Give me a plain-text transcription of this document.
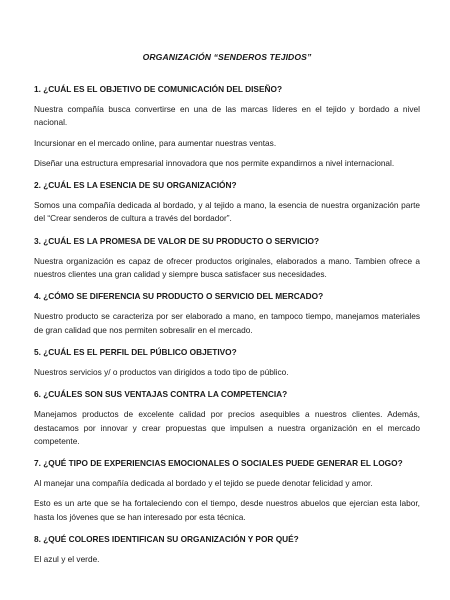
ORGANIZACIÓN “SENDEROS TEJIDOS”
1. ¿CUÁL ES EL OBJETIVO DE COMUNICACIÓN DEL DISEÑO?
Nuestra compañía busca convertirse en una de las marcas líderes en el tejido y bordado a nivel nacional.
Incursionar en el mercado online, para aumentar nuestras ventas.
Diseñar una estructura empresarial innovadora que nos permite expandirnos a nivel internacional.
2. ¿CUÁL ES LA ESENCIA DE SU ORGANIZACIÓN?
Somos una compañía dedicada al bordado, y al tejido a mano, la esencia de nuestra organización parte del “Crear senderos de cultura a través del bordador”.
3. ¿CUÁL ES LA PROMESA DE VALOR DE SU PRODUCTO O SERVICIO?
Nuestra organización es capaz de ofrecer productos originales, elaborados a mano. Tambien ofrece a nuestros clientes una gran calidad y siempre busca satisfacer sus necesidades.
4. ¿CÓMO SE DIFERENCIA SU PRODUCTO O SERVICIO DEL MERCADO?
Nuestro producto se caracteriza por ser elaborado a mano, en tampoco tiempo, manejamos materiales de gran calidad que nos permiten sobresalir en el mercado.
5. ¿CUÁL ES EL PERFIL DEL PÚBLICO OBJETIVO?
Nuestros servicios y/ o productos van dirigidos a todo tipo de público.
6. ¿CUÁLES SON SUS VENTAJAS CONTRA LA COMPETENCIA?
Manejamos productos de excelente calidad por precios asequibles a nuestros clientes. Además, destacamos por innovar y crear propuestas que impulsen a nuestra organización en el mercado competente.
7. ¿QUÉ TIPO DE EXPERIENCIAS EMOCIONALES O SOCIALES PUEDE GENERAR EL LOGO?
Al manejar una compañía dedicada al bordado y el tejido se puede denotar felicidad y amor.
Esto es un arte que se ha fortaleciendo con el tiempo, desde nuestros abuelos que ejercian esta labor, hasta los jóvenes que se han interesado por esta técnica.
8. ¿QUÉ COLORES IDENTIFICAN SU ORGANIZACIÓN Y POR QUÉ?
El azul y el verde.
